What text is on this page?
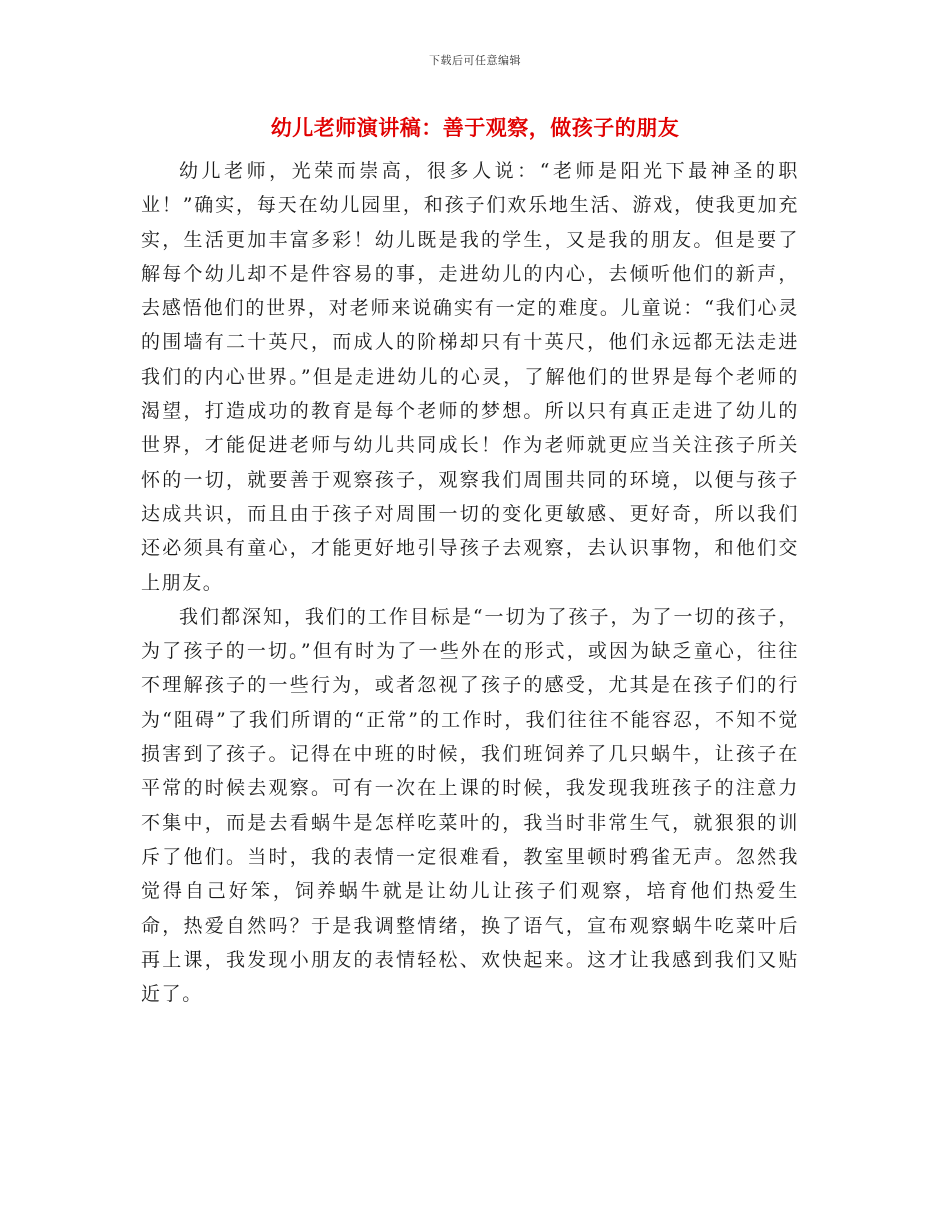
下载后可任意编辑
幼儿老师演讲稿：善于观察，做孩子的朋友

幼儿老师，光荣而崇高，很多人说：“老师是阳光下最神圣的职业！”确实，每天在幼儿园里，和孩子们欢乐地生活、游戏，使我更加充实，生活更加丰富多彩！幼儿既是我的学生，又是我的朋友。但是要了解每个幼儿却不是件容易的事，走进幼儿的内心，去倾听他们的新声，去感悟他们的世界，对老师来说确实有一定的难度。儿童说：“我们心灵的围墙有二十英尺，而成人的阶梯却只有十英尺，他们永远都无法走进我们的内心世界。”但是走进幼儿的心灵，了解他们的世界是每个老师的渴望，打造成功的教育是每个老师的梦想。所以只有真正走进了幼儿的世界，才能促进老师与幼儿共同成长！作为老师就更应当关注孩子所关怀的一切，就要善于观察孩子，观察我们周围共同的环境，以便与孩子达成共识，而且由于孩子对周围一切的变化更敏感、更好奇，所以我们还必须具有童心，才能更好地引导孩子去观察，去认识事物，和他们交上朋友。

我们都深知，我们的工作目标是“一切为了孩子，为了一切的孩子，为了孩子的一切。”但有时为了一些外在的形式，或因为缺乏童心，往往不理解孩子的一些行为，或者忽视了孩子的感受，尤其是在孩子们的行为“阻碍”了我们所谓的“正常”的工作时，我们往往不能容忍，不知不觉损害到了孩子。记得在中班的时候，我们班饲养了几只蜗牛，让孩子在平常的时候去观察。可有一次在上课的时候，我发现我班孩子的注意力不集中，而是去看蜗牛是怎样吃菜叶的，我当时非常生气，就狠狠的训斥了他们。当时，我的表情一定很难看，教室里顿时鸦雀无声。忽然我觉得自己好笨，饲养蜗牛就是让幼儿让孩子们观察，培育他们热爱生命，热爱自然吗？于是我调整情绪，换了语气，宣布观察蜗牛吃菜叶后再上课，我发现小朋友的表情轻松、欢快起来。这才让我感到我们又贴近了。
